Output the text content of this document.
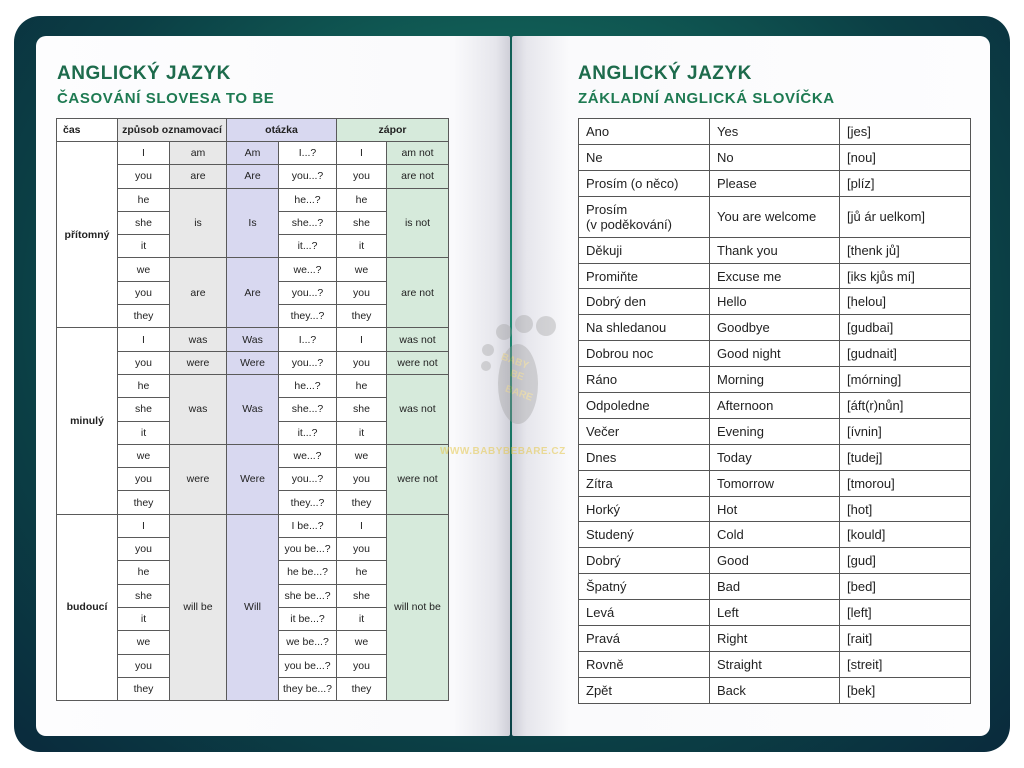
ANGLICKÝ JAZYK
ČASOVÁNÍ SLOVESA TO BE
ANGLICKÝ JAZYK
ZÁKLADNÍ ANGLICKÁ SLOVÍČKA
čas	způsob oznamovací		otázka		zápor	
přítomný	I	am	Am	I...?	I	am not
	you	are	Are	you...?	you	are not
	he	is	Is	he...?	he	is not
	she			she...?	she	
	it			it...?	it	
	we	are	Are	we...?	we	are not
	you			you...?	you	
	they			they...?	they	
minulý	I	was	Was	I...?	I	was not
	you	were	Were	you...?	you	were not
	he	was	Was	he...?	he	was not
	she			she...?	she	
	it			it...?	it	
	we	were	Were	we...?	we	were not
	you			you...?	you	
	they			they...?	they	
budoucí	I	will be	Will	I be...?	I	will not be
	you			you be...?	you	
	he			he be...?	he	
	she			she be...?	she	
	it			it be...?	it	
	we			we be...?	we	
	you			you be...?	you	
	they			they be...?	they	
Ano	Yes	[jes]
Ne	No	[nou]
Prosím (o něco)	Please	[plíz]
Prosím
(v poděkování)	You are welcome	[jů ár uelkom]
Děkuji	Thank you	[thenk jů]
Promiňte	Excuse me	[iks kjůs mí]
Dobrý den	Hello	[helou]
Na shledanou	Goodbye	[gudbai]
Dobrou noc	Good night	[gudnait]
Ráno	Morning	[mórning]
Odpoledne	Afternoon	[áft(r)nůn]
Večer	Evening	[ívnin]
Dnes	Today	[tudej]
Zítra	Tomorrow	[tmorou]
Horký	Hot	[hot]
Studený	Cold	[kould]
Dobrý	Good	[gud]
Špatný	Bad	[bed]
Levá	Left	[left]
Pravá	Right	[rait]
Rovně	Straight	[streit]
Zpět	Back	[bek]
BABY
BE
BARE
WWW.BABYBEBARE.CZ
